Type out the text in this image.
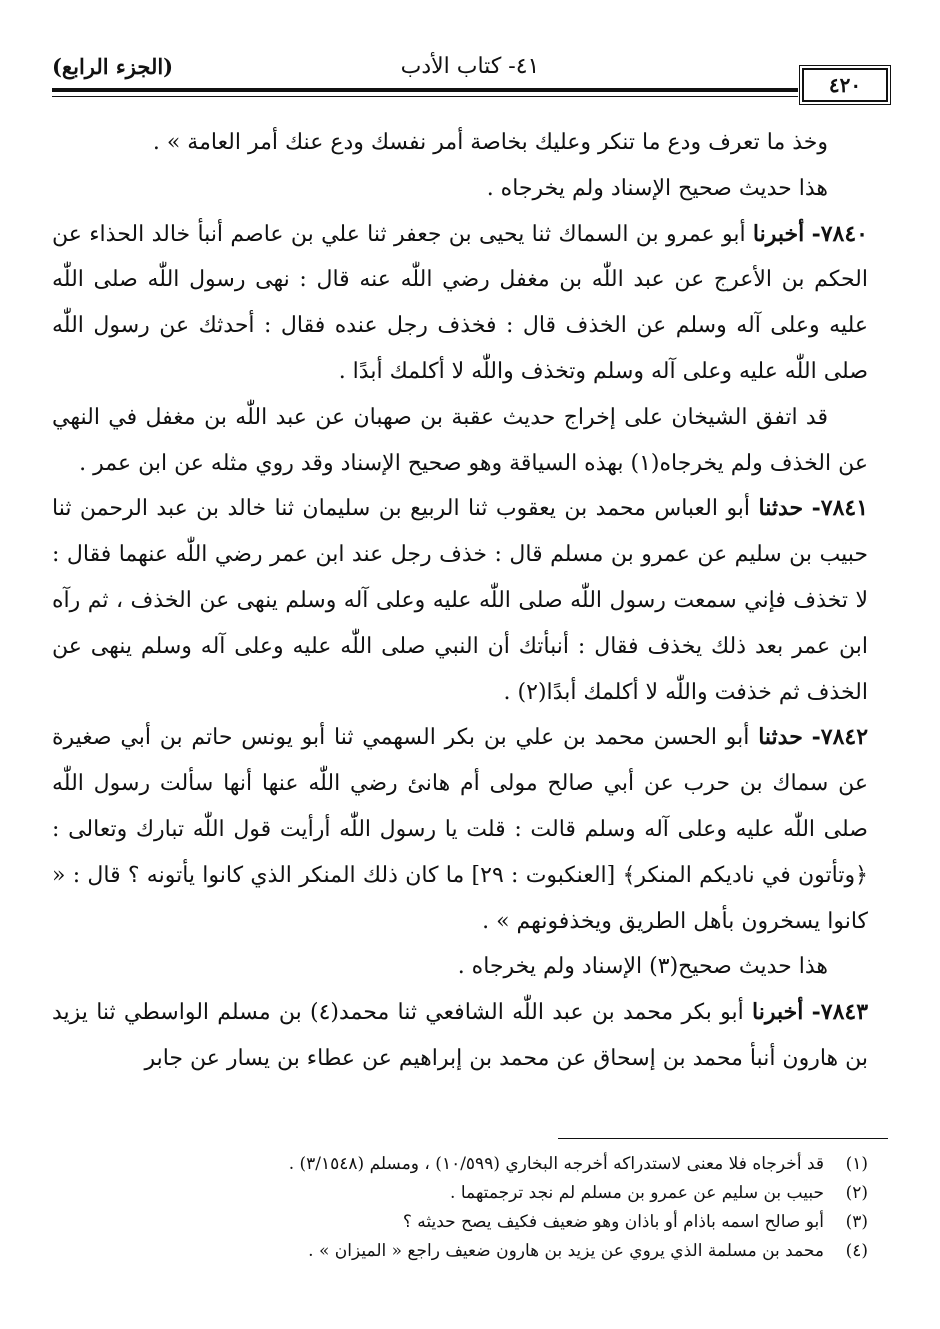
٤١- كتاب الأدب
(الجزء الرابع)
٤٢٠

وخذ ما تعرف ودع ما تنكر وعليك بخاصة أمر نفسك ودع عنك أمر العامة » .

هذا حديث صحيح الإسناد ولم يخرجاه .

٧٨٤٠- أخبرنا أبو عمرو بن السماك ثنا يحيى بن جعفر ثنا علي بن عاصم أنبأ خالد الحذاء عن الحكم بن الأعرج عن عبد اللّٰه بن مغفل رضي اللّٰه عنه قال : نهى رسول اللّٰه صلى اللّٰه عليه وعلى آله وسلم عن الخذف قال : فخذف رجل عنده فقال : أحدثك عن رسول اللّٰه صلى اللّٰه عليه وعلى آله وسلم وتخذف واللّٰه لا أكلمك أبدًا .

قد اتفق الشيخان على إخراج حديث عقبة بن صهبان عن عبد اللّٰه بن مغفل في النهي عن الخذف ولم يخرجاه(١) بهذه السياقة وهو صحيح الإسناد وقد روي مثله عن ابن عمر .

٧٨٤١- حدثنا أبو العباس محمد بن يعقوب ثنا الربيع بن سليمان ثنا خالد بن عبد الرحمن ثنا حبيب بن سليم عن عمرو بن مسلم قال : خذف رجل عند ابن عمر رضي اللّٰه عنهما فقال : لا تخذف فإني سمعت رسول اللّٰه صلى اللّٰه عليه وعلى آله وسلم ينهى عن الخذف ، ثم رآه ابن عمر بعد ذلك يخذف فقال : أنبأتك أن النبي صلى اللّٰه عليه وعلى آله وسلم ينهى عن الخذف ثم خذفت واللّٰه لا أكلمك أبدًا(٢) .

٧٨٤٢- حدثنا أبو الحسن محمد بن علي بن بكر السهمي ثنا أبو يونس حاتم بن أبي صغيرة عن سماك بن حرب عن أبي صالح مولى أم هانئ رضي اللّٰه عنها أنها سألت رسول اللّٰه صلى اللّٰه عليه وعلى آله وسلم قالت : قلت يا رسول اللّٰه أرأيت قول اللّٰه تبارك وتعالى : ﴿وتأتون في ناديكم المنكر﴾ [العنكبوت : ٢٩] ما كان ذلك المنكر الذي كانوا يأتونه ؟ قال : « كانوا يسخرون بأهل الطريق ويخذفونهم » .

هذا حديث صحيح(٣) الإسناد ولم يخرجاه .

٧٨٤٣- أخبرنا أبو بكر محمد بن عبد اللّٰه الشافعي ثنا محمد(٤) بن مسلم الواسطي ثنا يزيد بن هارون أنبأ محمد بن إسحاق عن محمد بن إبراهيم عن عطاء بن يسار عن جابر

(١)
قد أخرجاه فلا معنى لاستدراكه أخرجه البخاري (١٠/٥٩٩) ، ومسلم (٣/١٥٤٨) .
(٢)
حبيب بن سليم عن عمرو بن مسلم لم نجد ترجمتهما .
(٣)
أبو صالح اسمه باذام أو باذان وهو ضعيف فكيف يصح حديثه ؟
(٤)
محمد بن مسلمة الذي يروي عن يزيد بن هارون ضعيف راجع « الميزان » .
